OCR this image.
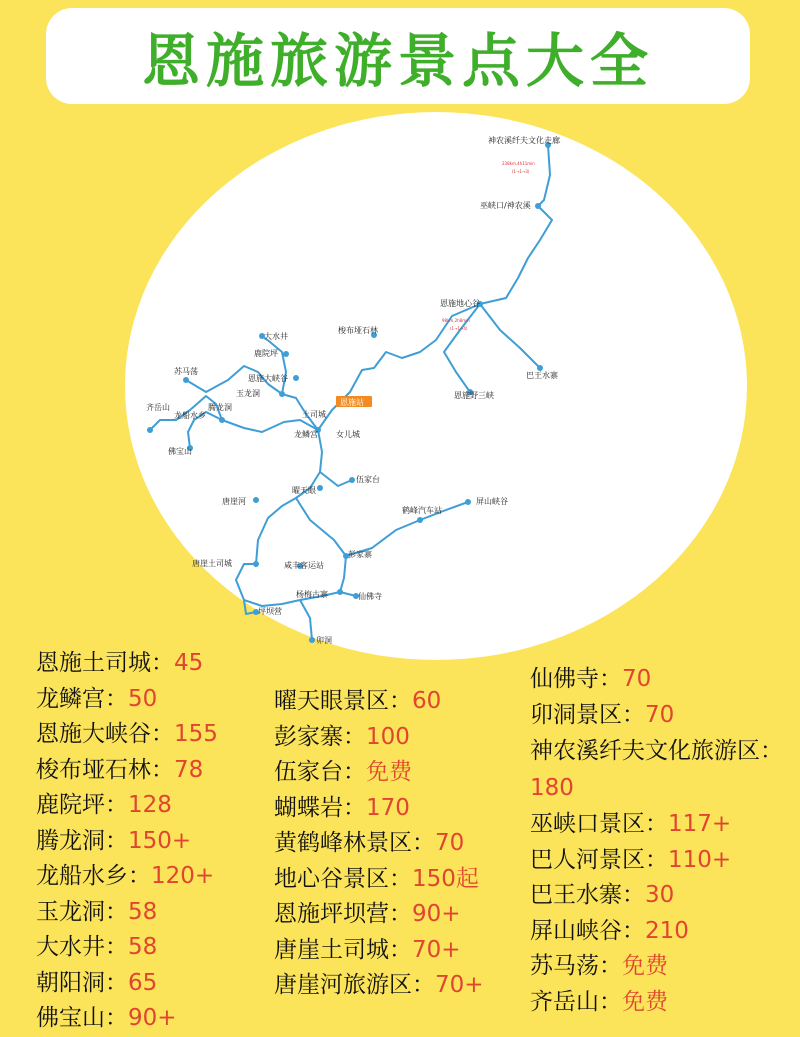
恩施旅游景点大全
恩施站
神农溪纤夫文化走廊
巫峡口/神农溪
恩施地心谷
巴王水寨
恩施野三峡
梭布垭石林
大水井
鹿院坪
恩施大峡谷
玉龙洞
腾龙洞
龙船水乡
苏马荡
齐岳山
佛宝山
土司城
女儿城
龙鳞宫
伍家台
曜天眼
屏山峡谷
鹤峰汽车站
唐崖河
彭家寨
咸丰客运站
唐崖土司城
杨梅古寨	仙佛寺
坪坝营
卯洞
238km,4h11min
(1→1→3)
98km,2h8min
(1→1→4)
恩施土司城：45
龙鳞宫：50
恩施大峡谷：155
梭布垭石林：78
鹿院坪：128
腾龙洞：150+
龙船水乡：120+
玉龙洞：58
大水井：58
朝阳洞：65
佛宝山：90+
曜天眼景区：60
彭家寨：100
伍家台：免费
蝴蝶岩：170
黄鹤峰林景区：70
地心谷景区：150起
恩施坪坝营：90+
唐崖土司城：70+
唐崖河旅游区：70+
仙佛寺：70
卯洞景区：70
神农溪纤夫文化旅游区：180
巫峡口景区：117+
巴人河景区：110+
巴王水寨：30
屏山峡谷：210
苏马荡：免费
齐岳山：免费
